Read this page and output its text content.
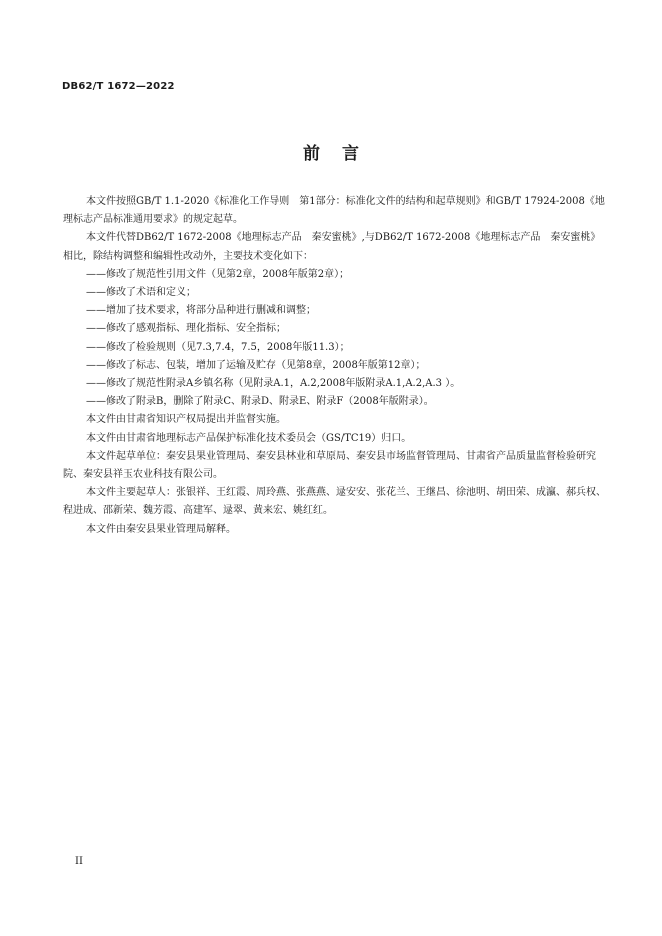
DB62/T 1672—2022
前言

本文件按照GB/T 1.1-2020《标准化工作导则　第1部分：标准化文件的结构和起草规则》和GB/T 17924-2008《地理标志产品标准通用要求》的规定起草。

本文件代替DB62/T 1672-2008《地理标志产品　秦安蜜桃》,与DB62/T 1672-2008《地理标志产品　秦安蜜桃》相比，除结构调整和编辑性改动外，主要技术变化如下：

——修改了规范性引用文件（见第2章，2008年版第2章）；

——修改了术语和定义；

——增加了技术要求，将部分品种进行删减和调整；

——修改了感观指标、理化指标、安全指标；

——修改了检验规则（见7.3,7.4，7.5，2008年版11.3）；

——修改了标志、包装，增加了运输及贮存（见第8章，2008年版第12章）；

——修改了规范性附录A乡镇名称（见附录A.1，A.2,2008年版附录A.1,A.2,A.3 ）。

——修改了附录B，删除了附录C、附录D、附录E、附录F（2008年版附录）。

本文件由甘肃省知识产权局提出并监督实施。

本文件由甘肃省地理标志产品保护标准化技术委员会（GS/TC19）归口。

本文件起草单位：秦安县果业管理局、秦安县林业和草原局、秦安县市场监督管理局、甘肃省产品质量监督检验研究院、秦安县祥玉农业科技有限公司。

本文件主要起草人：张银祥、王红霞、周玲燕、张燕燕、逯安安、张花兰、王继昌、徐池明、胡田荣、成瀛、郝兵权、程进成、邵新荣、魏芳霞、高建军、逯翠、黄来宏、姚红红。

本文件由秦安县果业管理局解释。

II
